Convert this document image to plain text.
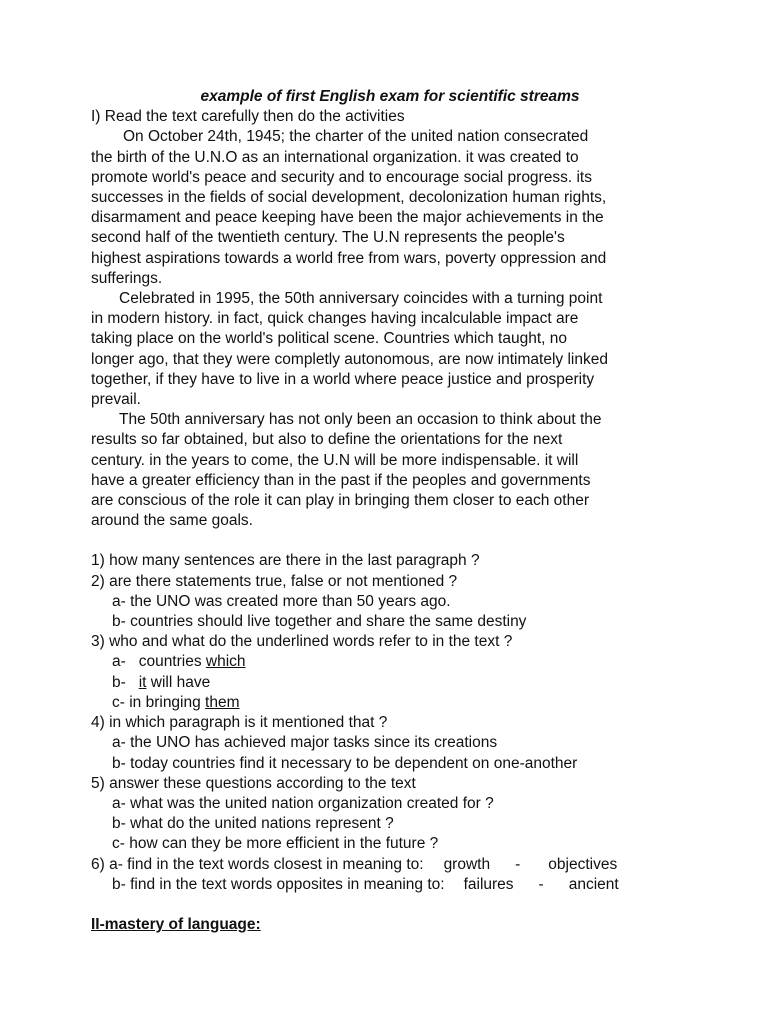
example of first English exam for scientific streams
I) Read the text carefully then do the activities
On October 24th, 1945; the charter of the united nation consecrated
the birth of the U.N.O as an international organization. it was created to
promote world's peace and security and to encourage social progress. its
successes in the fields of social development, decolonization human rights,
disarmament and peace keeping have been the major achievements in the
second half of the twentieth century. The U.N represents the people's
highest aspirations towards a world free from wars, poverty oppression and
sufferings.
Celebrated in 1995, the 50th anniversary coincides with a turning point
in modern history. in fact, quick changes having incalculable impact are
taking place on the world's political scene. Countries which taught, no
longer ago, that they were completly autonomous, are now intimately linked
together, if they have to live in a world where peace justice and prosperity
prevail.
The 50th anniversary has not only been an occasion to think about the
results so far obtained, but also to define the orientations for the next
century. in the years to come, the U.N will be more indispensable. it will
have a greater efficiency than in the past if the peoples and governments
are conscious of the role it can play in bringing them closer to each other
around the same goals.
1) how many sentences are there in the last paragraph ?
2) are there statements true, false or not mentioned ?
a- the UNO was created more than 50 years ago.
b- countries should live together and share the same destiny
3) who and what do the underlined words refer to in the text ?
a-   countries which
b-   it will have
c- in bringing them
4) in which paragraph is it mentioned that ?
a- the UNO has achieved major tasks since its creations
b- today countries find it necessary to be dependent on one-another
5) answer these questions according to the text
a- what was the united nation organization created for ?
b- what do the united nations represent ?
c- how can they be more efficient in the future ?
6) a- find in the text words closest in meaning to: growth - objectives
b- find in the text words opposites in meaning to: failures - ancient
II-mastery of language:
